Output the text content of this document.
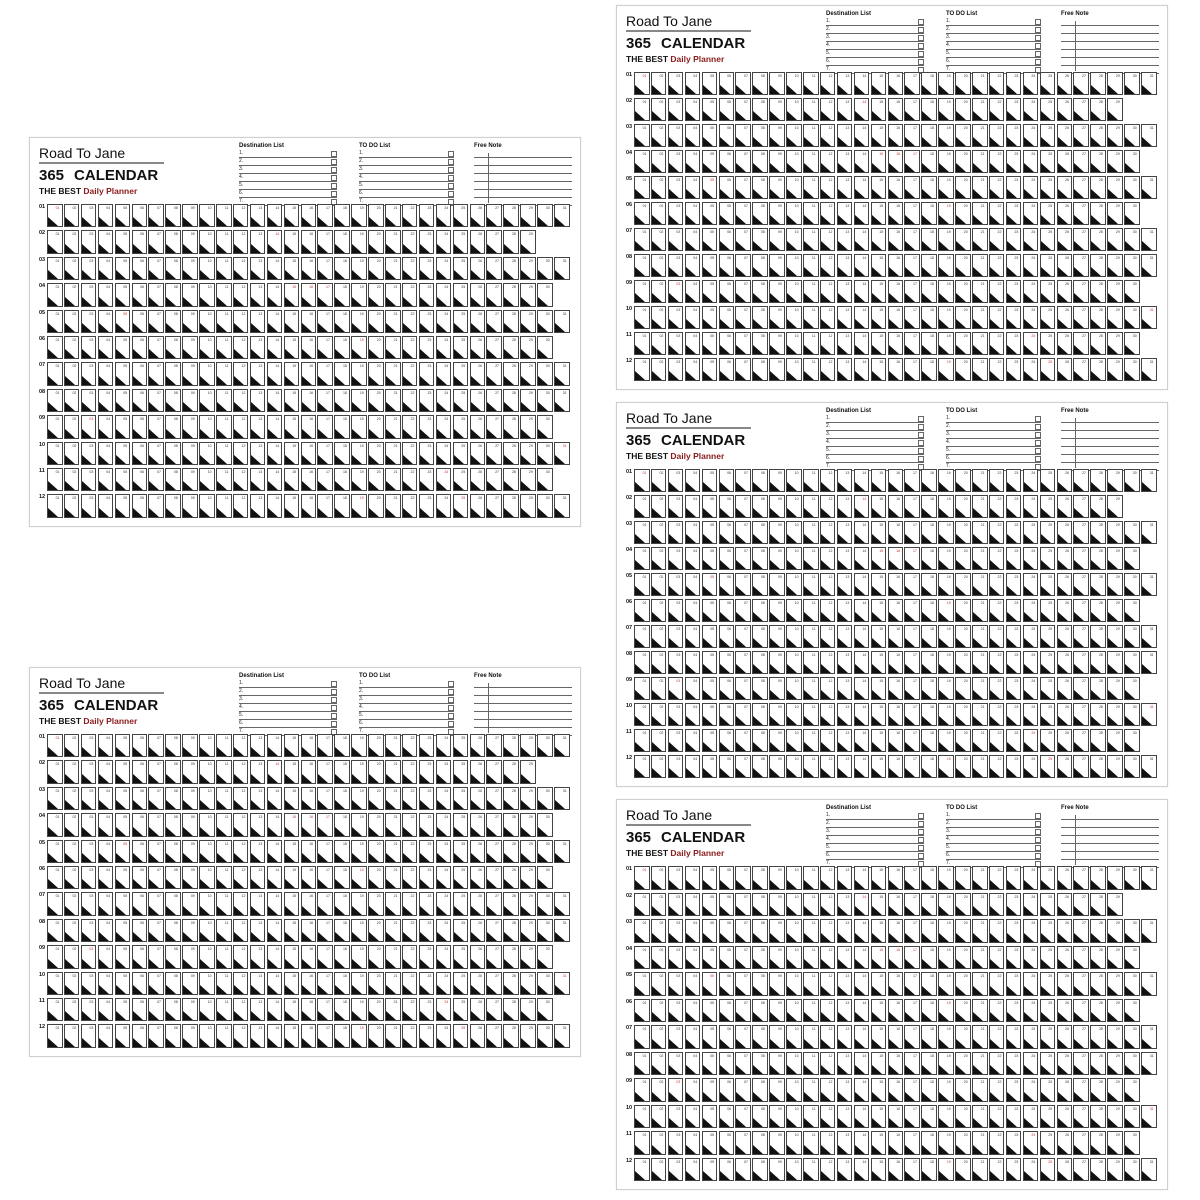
Road To Jane
365 CALENDAR
THE BEST Daily Planner
Destination List
1.
2.
3.
4.
5.
6.
7.
TO DO List
1.
2.
3.
4.
5.
6.
7.
Free Note
01	01	02	03	04	05	06	07	08	09	10	11	12	13	14	15	16	17	18	19	20	21	22	23	24	25	26	27	28	29	30	31
02	01	02	03	04	05	06	07	08	09	10	11	12	13	14	15	16	17	18	19	20	21	22	23	24	25	26	27	28	29
03	01	02	03	04	05	06	07	08	09	10	11	12	13	14	15	16	17	18	19	20	21	22	23	24	25	26	27	28	29	30	31
04	01	02	03	04	05	06	07	08	09	10	11	12	13	14	15	16	17	18	19	20	21	22	23	24	25	26	27	28	29	30
05	01	02	03	04	05	06	07	08	09	10	11	12	13	14	15	16	17	18	19	20	21	22	23	24	25	26	27	28	29	30	31
06	01	02	03	04	05	06	07	08	09	10	11	12	13	14	15	16	17	18	19	20	21	22	23	24	25	26	27	28	29	30
07	01	02	03	04	05	06	07	08	09	10	11	12	13	14	15	16	17	18	19	20	21	22	23	24	25	26	27	28	29	30	31
08	01	02	03	04	05	06	07	08	09	10	11	12	13	14	15	16	17	18	19	20	21	22	23	24	25	26	27	28	29	30	31
09	01	02	03	04	05	06	07	08	09	10	11	12	13	14	15	16	17	18	19	20	21	22	23	24	25	26	27	28	29	30
10	01	02	03	04	05	06	07	08	09	10	11	12	13	14	15	16	17	18	19	20	21	22	23	24	25	26	27	28	29	30	31
11	01	02	03	04	05	06	07	08	09	10	11	12	13	14	15	16	17	18	19	20	21	22	23	24	25	26	27	28	29	30
12	01	02	03	04	05	06	07	08	09	10	11	12	13	14	15	16	17	18	19	20	21	22	23	24	25	26	27	28	29	30	31
Road To Jane
365 CALENDAR
THE BEST Daily Planner
Destination List
1.
2.
3.
4.
5.
6.
7.
TO DO List
1.
2.
3.
4.
5.
6.
7.
Free Note
01	01	02	03	04	05	06	07	08	09	10	11	12	13	14	15	16	17	18	19	20	21	22	23	24	25	26	27	28	29	30	31
02	01	02	03	04	05	06	07	08	09	10	11	12	13	14	15	16	17	18	19	20	21	22	23	24	25	26	27	28	29
03	01	02	03	04	05	06	07	08	09	10	11	12	13	14	15	16	17	18	19	20	21	22	23	24	25	26	27	28	29	30	31
04	01	02	03	04	05	06	07	08	09	10	11	12	13	14	15	16	17	18	19	20	21	22	23	24	25	26	27	28	29	30
05	01	02	03	04	05	06	07	08	09	10	11	12	13	14	15	16	17	18	19	20	21	22	23	24	25	26	27	28	29	30	31
06	01	02	03	04	05	06	07	08	09	10	11	12	13	14	15	16	17	18	19	20	21	22	23	24	25	26	27	28	29	30
07	01	02	03	04	05	06	07	08	09	10	11	12	13	14	15	16	17	18	19	20	21	22	23	24	25	26	27	28	29	30	31
08	01	02	03	04	05	06	07	08	09	10	11	12	13	14	15	16	17	18	19	20	21	22	23	24	25	26	27	28	29	30	31
09	01	02	03	04	05	06	07	08	09	10	11	12	13	14	15	16	17	18	19	20	21	22	23	24	25	26	27	28	29	30
10	01	02	03	04	05	06	07	08	09	10	11	12	13	14	15	16	17	18	19	20	21	22	23	24	25	26	27	28	29	30	31
11	01	02	03	04	05	06	07	08	09	10	11	12	13	14	15	16	17	18	19	20	21	22	23	24	25	26	27	28	29	30
12	01	02	03	04	05	06	07	08	09	10	11	12	13	14	15	16	17	18	19	20	21	22	23	24	25	26	27	28	29	30	31
Road To Jane
365 CALENDAR
THE BEST Daily Planner
Destination List
1.
2.
3.
4.
5.
6.
7.
TO DO List
1.
2.
3.
4.
5.
6.
7.
Free Note
01	01	02	03	04	05	06	07	08	09	10	11	12	13	14	15	16	17	18	19	20	21	22	23	24	25	26	27	28	29	30	31
02	01	02	03	04	05	06	07	08	09	10	11	12	13	14	15	16	17	18	19	20	21	22	23	24	25	26	27	28	29
03	01	02	03	04	05	06	07	08	09	10	11	12	13	14	15	16	17	18	19	20	21	22	23	24	25	26	27	28	29	30	31
04	01	02	03	04	05	06	07	08	09	10	11	12	13	14	15	16	17	18	19	20	21	22	23	24	25	26	27	28	29	30
05	01	02	03	04	05	06	07	08	09	10	11	12	13	14	15	16	17	18	19	20	21	22	23	24	25	26	27	28	29	30	31
06	01	02	03	04	05	06	07	08	09	10	11	12	13	14	15	16	17	18	19	20	21	22	23	24	25	26	27	28	29	30
07	01	02	03	04	05	06	07	08	09	10	11	12	13	14	15	16	17	18	19	20	21	22	23	24	25	26	27	28	29	30	31
08	01	02	03	04	05	06	07	08	09	10	11	12	13	14	15	16	17	18	19	20	21	22	23	24	25	26	27	28	29	30	31
09	01	02	03	04	05	06	07	08	09	10	11	12	13	14	15	16	17	18	19	20	21	22	23	24	25	26	27	28	29	30
10	01	02	03	04	05	06	07	08	09	10	11	12	13	14	15	16	17	18	19	20	21	22	23	24	25	26	27	28	29	30	31
11	01	02	03	04	05	06	07	08	09	10	11	12	13	14	15	16	17	18	19	20	21	22	23	24	25	26	27	28	29	30
12	01	02	03	04	05	06	07	08	09	10	11	12	13	14	15	16	17	18	19	20	21	22	23	24	25	26	27	28	29	30	31
Road To Jane
365 CALENDAR
THE BEST Daily Planner
Destination List
1.
2.
3.
4.
5.
6.
7.
TO DO List
1.
2.
3.
4.
5.
6.
7.
Free Note
01	01	02	03	04	05	06	07	08	09	10	11	12	13	14	15	16	17	18	19	20	21	22	23	24	25	26	27	28	29	30	31
02	01	02	03	04	05	06	07	08	09	10	11	12	13	14	15	16	17	18	19	20	21	22	23	24	25	26	27	28	29
03	01	02	03	04	05	06	07	08	09	10	11	12	13	14	15	16	17	18	19	20	21	22	23	24	25	26	27	28	29	30	31
04	01	02	03	04	05	06	07	08	09	10	11	12	13	14	15	16	17	18	19	20	21	22	23	24	25	26	27	28	29	30
05	01	02	03	04	05	06	07	08	09	10	11	12	13	14	15	16	17	18	19	20	21	22	23	24	25	26	27	28	29	30	31
06	01	02	03	04	05	06	07	08	09	10	11	12	13	14	15	16	17	18	19	20	21	22	23	24	25	26	27	28	29	30
07	01	02	03	04	05	06	07	08	09	10	11	12	13	14	15	16	17	18	19	20	21	22	23	24	25	26	27	28	29	30	31
08	01	02	03	04	05	06	07	08	09	10	11	12	13	14	15	16	17	18	19	20	21	22	23	24	25	26	27	28	29	30	31
09	01	02	03	04	05	06	07	08	09	10	11	12	13	14	15	16	17	18	19	20	21	22	23	24	25	26	27	28	29	30
10	01	02	03	04	05	06	07	08	09	10	11	12	13	14	15	16	17	18	19	20	21	22	23	24	25	26	27	28	29	30	31
11	01	02	03	04	05	06	07	08	09	10	11	12	13	14	15	16	17	18	19	20	21	22	23	24	25	26	27	28	29	30
12	01	02	03	04	05	06	07	08	09	10	11	12	13	14	15	16	17	18	19	20	21	22	23	24	25	26	27	28	29	30	31
Road To Jane
365 CALENDAR
THE BEST Daily Planner
Destination List
1.
2.
3.
4.
5.
6.
7.
TO DO List
1.
2.
3.
4.
5.
6.
7.
Free Note
01	01	02	03	04	05	06	07	08	09	10	11	12	13	14	15	16	17	18	19	20	21	22	23	24	25	26	27	28	29	30	31
02	01	02	03	04	05	06	07	08	09	10	11	12	13	14	15	16	17	18	19	20	21	22	23	24	25	26	27	28	29
03	01	02	03	04	05	06	07	08	09	10	11	12	13	14	15	16	17	18	19	20	21	22	23	24	25	26	27	28	29	30	31
04	01	02	03	04	05	06	07	08	09	10	11	12	13	14	15	16	17	18	19	20	21	22	23	24	25	26	27	28	29	30
05	01	02	03	04	05	06	07	08	09	10	11	12	13	14	15	16	17	18	19	20	21	22	23	24	25	26	27	28	29	30	31
06	01	02	03	04	05	06	07	08	09	10	11	12	13	14	15	16	17	18	19	20	21	22	23	24	25	26	27	28	29	30
07	01	02	03	04	05	06	07	08	09	10	11	12	13	14	15	16	17	18	19	20	21	22	23	24	25	26	27	28	29	30	31
08	01	02	03	04	05	06	07	08	09	10	11	12	13	14	15	16	17	18	19	20	21	22	23	24	25	26	27	28	29	30	31
09	01	02	03	04	05	06	07	08	09	10	11	12	13	14	15	16	17	18	19	20	21	22	23	24	25	26	27	28	29	30
10	01	02	03	04	05	06	07	08	09	10	11	12	13	14	15	16	17	18	19	20	21	22	23	24	25	26	27	28	29	30	31
11	01	02	03	04	05	06	07	08	09	10	11	12	13	14	15	16	17	18	19	20	21	22	23	24	25	26	27	28	29	30
12	01	02	03	04	05	06	07	08	09	10	11	12	13	14	15	16	17	18	19	20	21	22	23	24	25	26	27	28	29	30	31
